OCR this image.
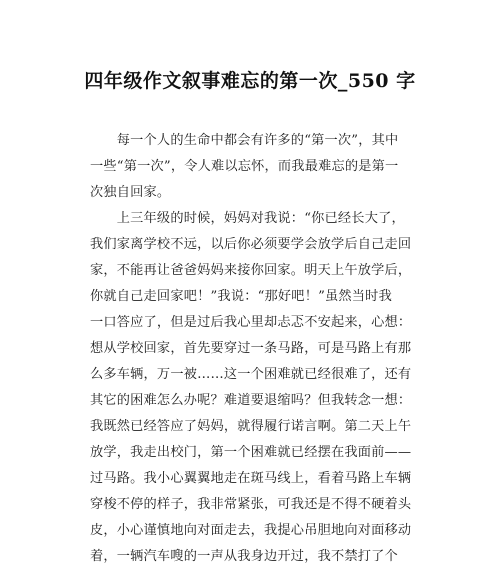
四年级作文叙事难忘的第一次_550 字
　　每一个人的生命中都会有许多的“第一次”，其中
一些“第一次”，令人难以忘怀，而我最难忘的是第一
次独自回家。
　　上三年级的时候，妈妈对我说：“你已经长大了，
我们家离学校不远，以后你必须要学会放学后自己走回
家，不能再让爸爸妈妈来接你回家。明天上午放学后，
你就自己走回家吧！”我说：“那好吧！”虽然当时我
一口答应了，但是过后我心里却忐忑不安起来，心想：
想从学校回家，首先要穿过一条马路，可是马路上有那
么多车辆，万一被……这一个困难就已经很难了，还有
其它的困难怎么办呢？难道要退缩吗？但我转念一想：
我既然已经答应了妈妈，就得履行诺言啊。第二天上午
放学，我走出校门，第一个困难就已经摆在我面前——
过马路。我小心翼翼地走在斑马线上，看着马路上车辆
穿梭不停的样子，我非常紧张，可我还是不得不硬着头
皮，小心谨慎地向对面走去，我提心吊胆地向对面移动
着，一辆汽车嗖的一声从我身边开过，我不禁打了个
